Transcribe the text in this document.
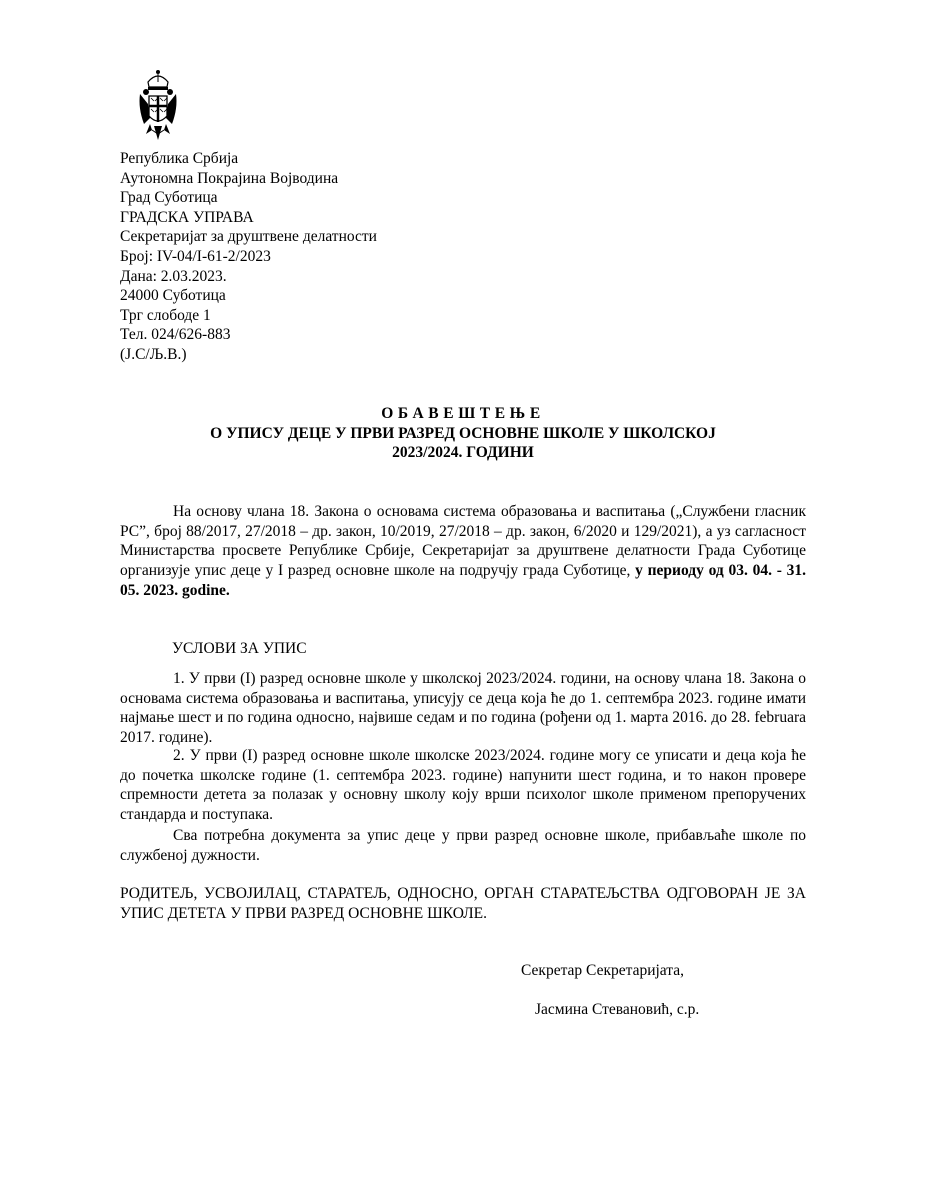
Република Србија
Аутономна Покрајина Војводина
Град Суботица
ГРАДСКА УПРАВА
Секретаријат за друштвене делатности
Број: IV-04/I-61-2/2023
Дана: 2.03.2023.
24000 Суботица
Трг слободе 1
Тел. 024/626-883
(Ј.С/Љ.В.)
ОБАВЕШТЕЊЕ
О УПИСУ ДЕЦЕ У ПРВИ РАЗРЕД ОСНОВНЕ ШКОЛЕ У ШКОЛСКОЈ
2023/2024. ГОДИНИ
На основу члана 18. Закона о основама система образовања и васпитања („Службени гласник РС”, број 88/2017, 27/2018 – др. закон, 10/2019, 27/2018 – др. закон, 6/2020 и 129/2021), а уз сагласност Министарства просвете Републике Србије, Секретаријат за друштвене делатности Града Суботице организује упис деце у I разред основне школе на подручју града Суботице, у периоду од 03. 04. - 31. 05. 2023. godine.
УСЛОВИ ЗА УПИС
1. У први (I) разред основне школе у школској 2023/2024. години, на основу члана 18. Закона о основама система образовања и васпитања, уписују се деца која ће до 1. септембра 2023. године имати најмање шест и по година односно, највише седам и по година (рођени од 1. марта 2016. до 28. februara 2017. године).
2. У први (I) разред основне школе школске 2023/2024. године могу се уписати и деца која ће до почетка школске године (1. септембра 2023. године) напунити шест година, и то након провере спремности детета за полазак у основну школу коју врши психолог школе применом препоручених стандарда и поступака.
Сва потребна документа за упис деце у први разред основне школе, прибављаће школе по службеној дужности.
РОДИТЕЉ, УСВОЈИЛАЦ, СТАРАТЕЉ, ОДНОСНО, ОРГАН СТАРАТЕЉСТВА ОДГОВОРАН ЈЕ ЗА УПИС ДЕТЕТА У ПРВИ РАЗРЕД ОСНОВНЕ ШКОЛЕ.
Секретар Секретаријата,
Јасмина Стевановић, с.р.
